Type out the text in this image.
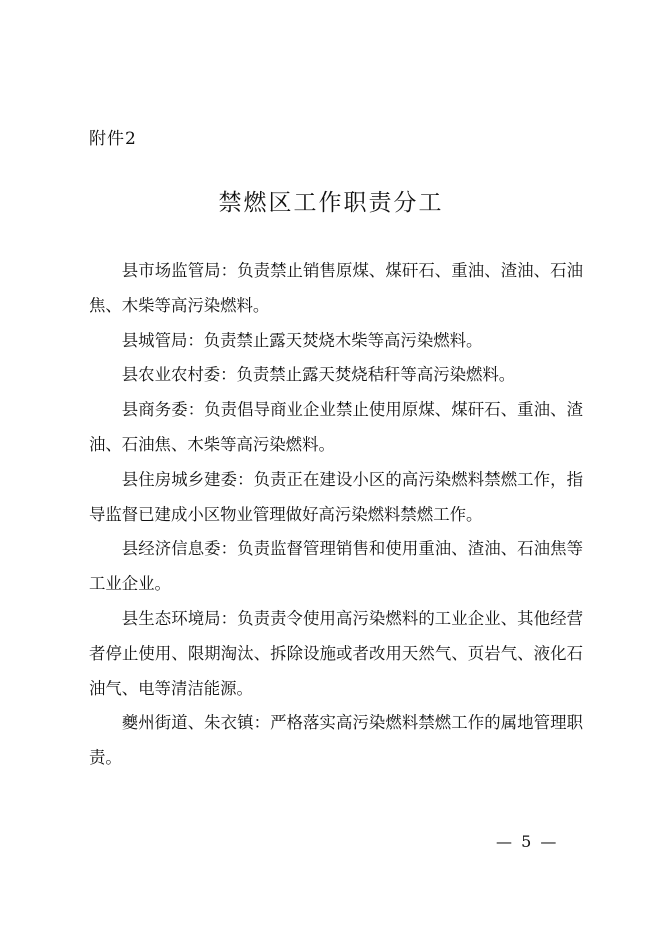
附件2
禁燃区工作职责分工

县市场监管局：负责禁止销售原煤、煤矸石、重油、渣油、石油焦、木柴等高污染燃料。

县城管局：负责禁止露天焚烧木柴等高污染燃料。

县农业农村委：负责禁止露天焚烧秸秆等高污染燃料。

县商务委：负责倡导商业企业禁止使用原煤、煤矸石、重油、渣油、石油焦、木柴等高污染燃料。

县住房城乡建委：负责正在建设小区的高污染燃料禁燃工作，指导监督已建成小区物业管理做好高污染燃料禁燃工作。

县经济信息委：负责监督管理销售和使用重油、渣油、石油焦等工业企业。

县生态环境局：负责责令使用高污染燃料的工业企业、其他经营者停止使用、限期淘汰、拆除设施或者改用天然气、页岩气、液化石油气、电等清洁能源。

夔州街道、朱衣镇：严格落实高污染燃料禁燃工作的属地管理职责。

— 5 —
